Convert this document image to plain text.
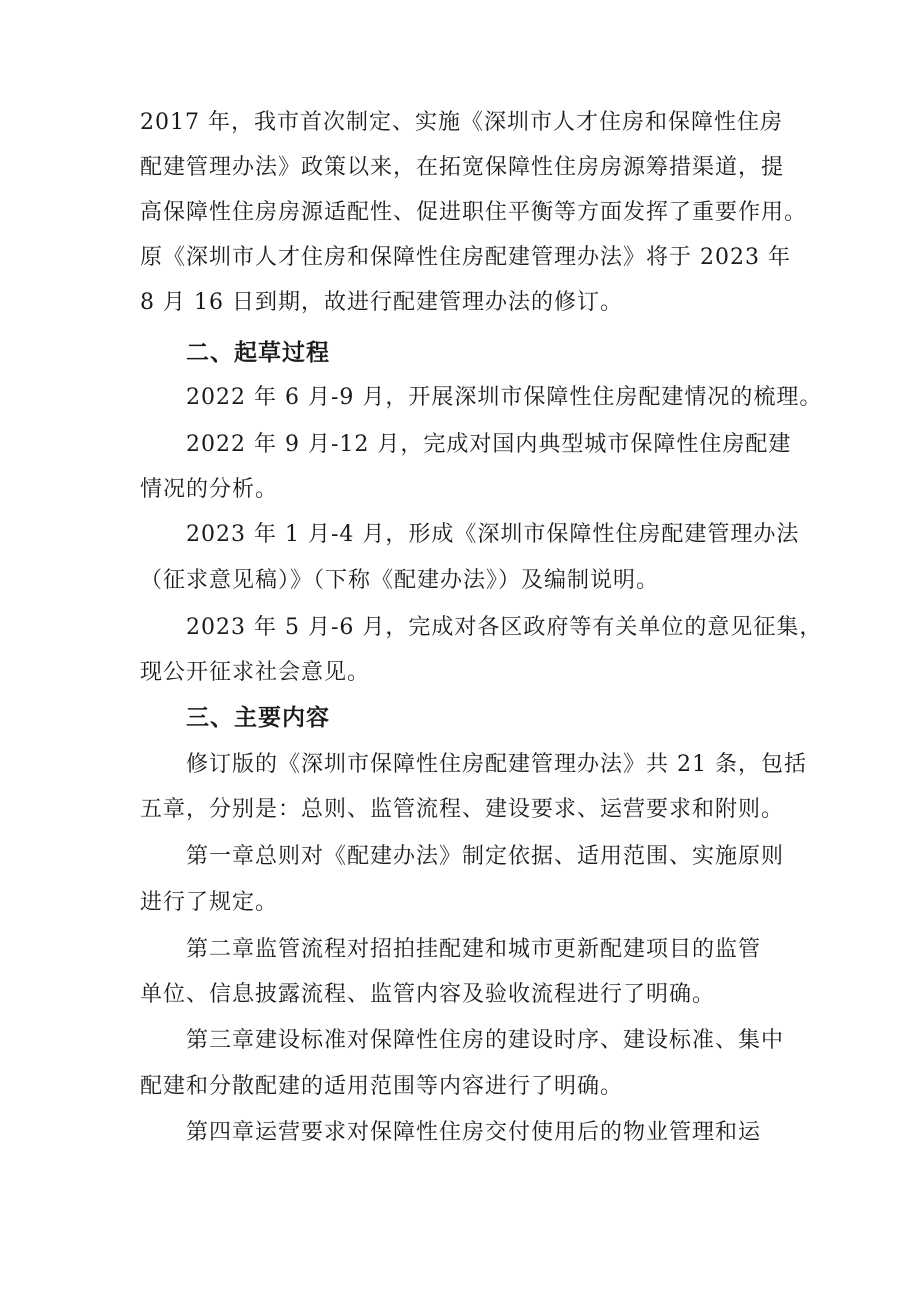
2017 年，我市首次制定、实施《深圳市人才住房和保障性住房
配建管理办法》政策以来，在拓宽保障性住房房源筹措渠道，提
高保障性住房房源适配性、促进职住平衡等方面发挥了重要作用。
原《深圳市人才住房和保障性住房配建管理办法》将于 2023 年
8 月 16 日到期，故进行配建管理办法的修订。
二、起草过程
2022 年 6 月-9 月，开展深圳市保障性住房配建情况的梳理。
2022 年 9 月-12 月，完成对国内典型城市保障性住房配建
情况的分析。
2023 年 1 月-4 月，形成《深圳市保障性住房配建管理办法
（征求意见稿）》（下称《配建办法》）及编制说明。
2023 年 5 月-6 月，完成对各区政府等有关单位的意见征集，
现公开征求社会意见。
三、主要内容
修订版的《深圳市保障性住房配建管理办法》共 21 条，包括
五章，分别是：总则、监管流程、建设要求、运营要求和附则。
第一章总则对《配建办法》制定依据、适用范围、实施原则
进行了规定。
第二章监管流程对招拍挂配建和城市更新配建项目的监管
单位、信息披露流程、监管内容及验收流程进行了明确。
第三章建设标准对保障性住房的建设时序、建设标准、集中
配建和分散配建的适用范围等内容进行了明确。
第四章运营要求对保障性住房交付使用后的物业管理和运
